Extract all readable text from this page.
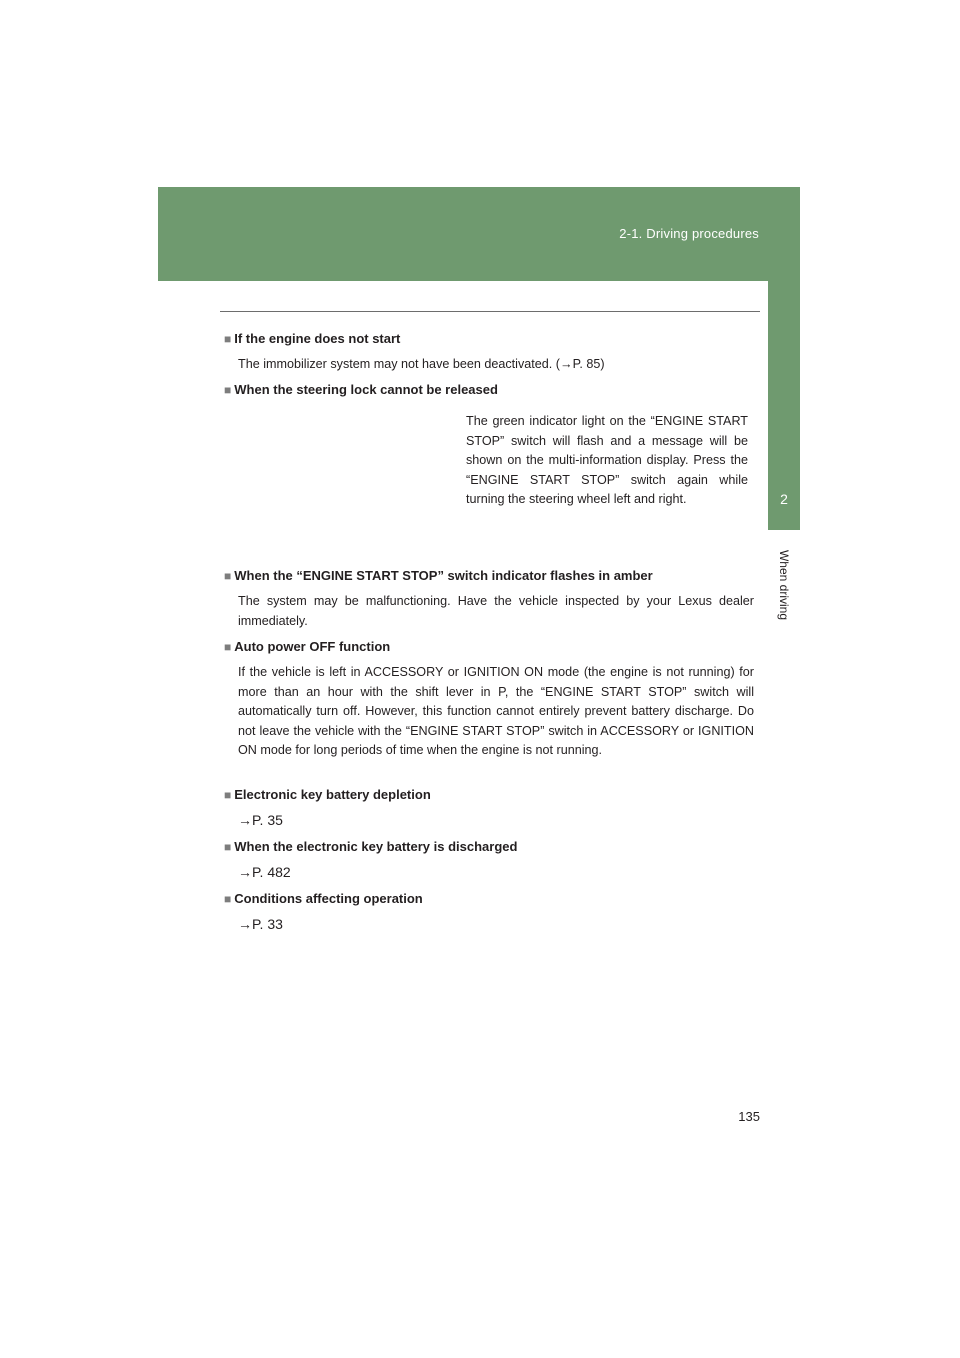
2-1. Driving procedures
2
When driving
■ If the engine does not start
The immobilizer system may not have been deactivated. (→P. 85)
■ When the steering lock cannot be released
The green indicator light on the “ENGINE START STOP” switch will flash and a message will be shown on the multi-information display. Press the “ENGINE START STOP” switch again while turning the steering wheel left and right.
■ When the “ENGINE START STOP” switch indicator flashes in amber
The system may be malfunctioning. Have the vehicle inspected by your Lexus dealer immediately.
■ Auto power OFF function
If the vehicle is left in ACCESSORY or IGNITION ON mode (the engine is not running) for more than an hour with the shift lever in P, the “ENGINE START STOP” switch will automatically turn off. However, this function cannot entirely prevent battery discharge. Do not leave the vehicle with the “ENGINE START STOP” switch in ACCESSORY or IGNITION ON mode for long periods of time when the engine is not running.
■ Electronic key battery depletion
→P. 35
■ When the electronic key battery is discharged
→P. 482
■ Conditions affecting operation
→P. 33
135
